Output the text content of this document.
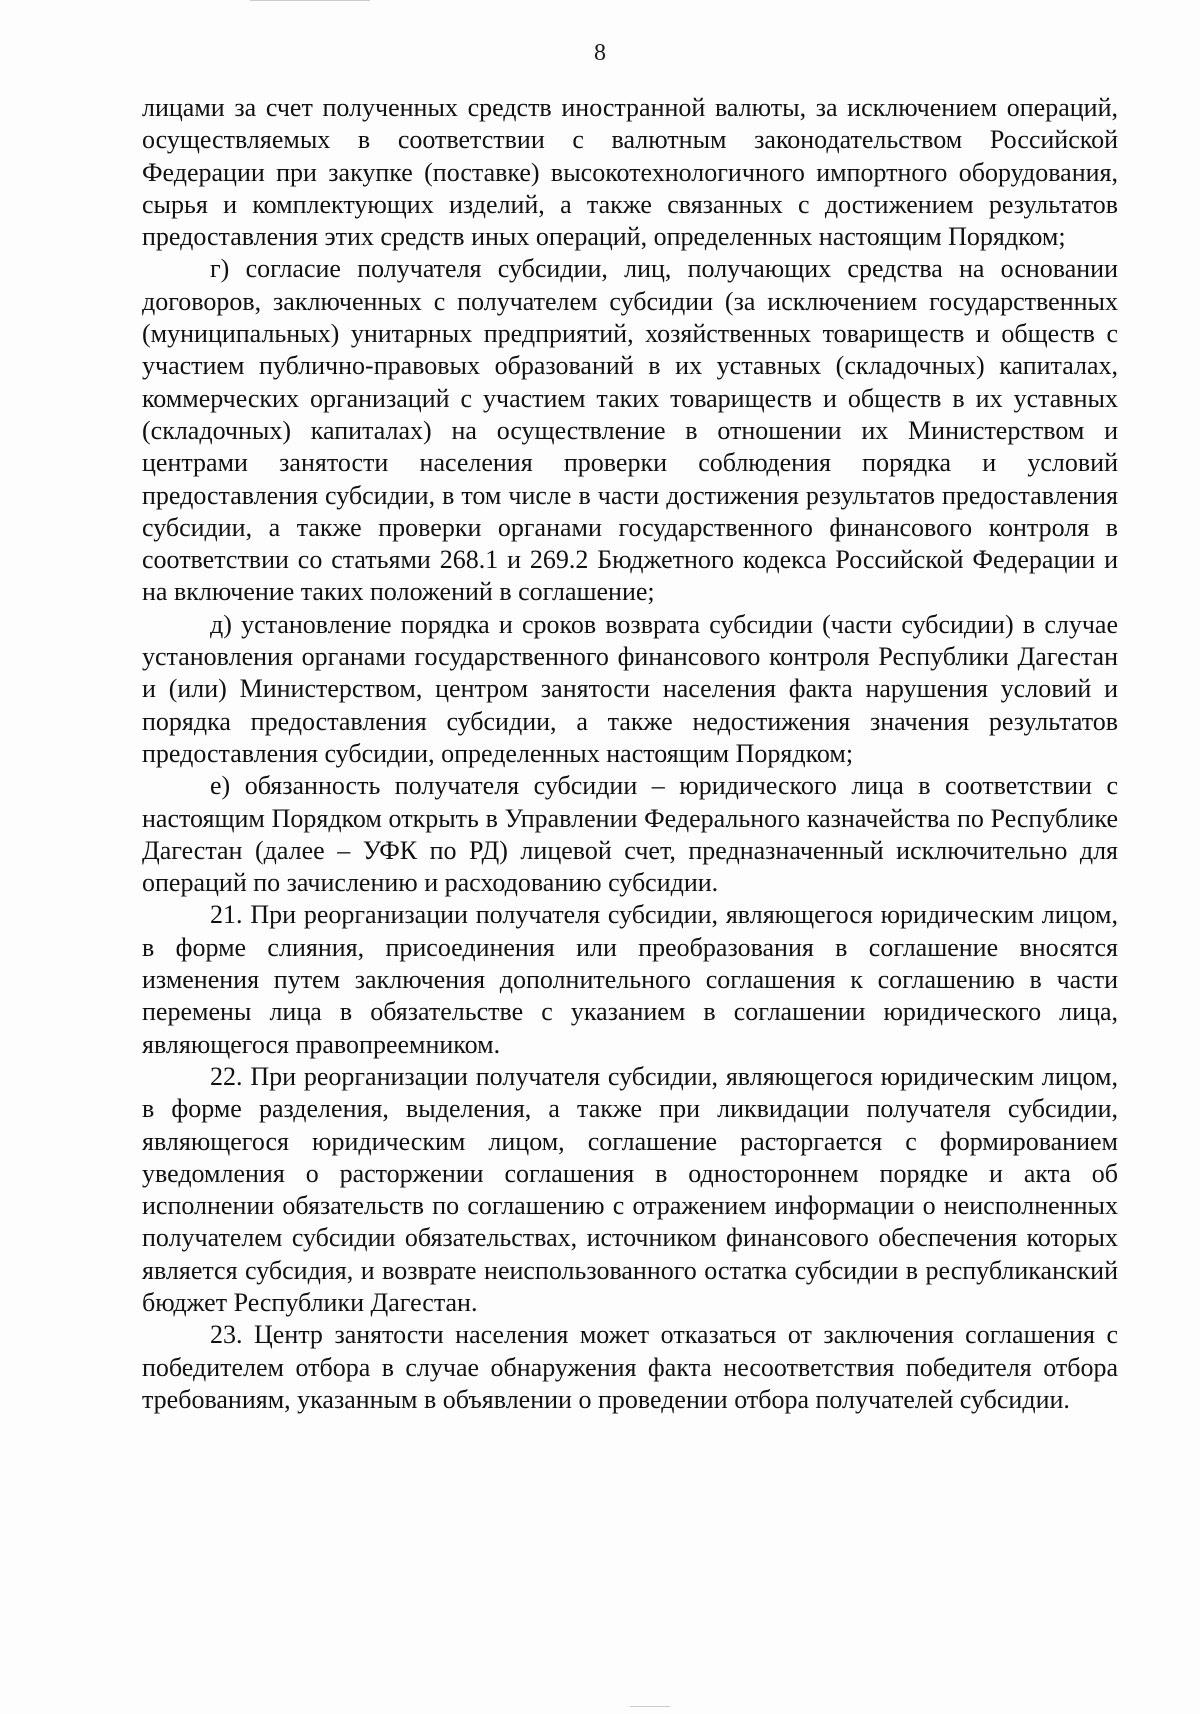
8

лицами за счет полученных средств иностранной валюты, за исключением операций, осуществляемых в соответствии с валютным законодательством Российской Федерации при закупке (поставке) высокотехнологичного импортного оборудования, сырья и комплектующих изделий, а также связанных с достижением результатов предоставления этих средств иных операций, определенных настоящим Порядком;

г) согласие получателя субсидии, лиц, получающих средства на основании договоров, заключенных с получателем субсидии (за исключением государственных (муниципальных) унитарных предприятий, хозяйственных товариществ и обществ с участием публично-правовых образований в их уставных (складочных) капиталах, коммерческих организаций с участием таких товариществ и обществ в их уставных (складочных) капиталах) на осуществление в отношении их Министерством и центрами занятости населения проверки соблюдения порядка и условий предоставления субсидии, в том числе в части достижения результатов предоставления субсидии, а также проверки органами государственного финансового контроля в соответствии со статьями 268.1 и 269.2 Бюджетного кодекса Российской Федерации и на включение таких положений в соглашение;

д) установление порядка и сроков возврата субсидии (части субсидии) в случае установления органами государственного финансового контроля Республики Дагестан и (или) Министерством, центром занятости населения факта нарушения условий и порядка предоставления субсидии, а также недостижения значения результатов предоставления субсидии, определенных настоящим Порядком;

е) обязанность получателя субсидии – юридического лица в соответствии с настоящим Порядком открыть в Управлении Федерального казначейства по Республике Дагестан (далее – УФК по РД) лицевой счет, предназначенный исключительно для операций по зачислению и расходованию субсидии.

21. При реорганизации получателя субсидии, являющегося юридическим лицом, в форме слияния, присоединения или преобразования в соглашение вносятся изменения путем заключения дополнительного соглашения к соглашению в части перемены лица в обязательстве с указанием в соглашении юридического лица, являющегося правопреемником.

22. При реорганизации получателя субсидии, являющегося юридическим лицом, в форме разделения, выделения, а также при ликвидации получателя субсидии, являющегося юридическим лицом, соглашение расторгается с формированием уведомления о расторжении соглашения в одностороннем порядке и акта об исполнении обязательств по соглашению с отражением информации о неисполненных получателем субсидии обязательствах, источником финансового обеспечения которых является субсидия, и возврате неиспользованного остатка субсидии в республиканский бюджет Республики Дагестан.

23. Центр занятости населения может отказаться от заключения соглашения с победителем отбора в случае обнаружения факта несоответствия победителя отбора требованиям, указанным в объявлении о проведении отбора получателей субсидии.
